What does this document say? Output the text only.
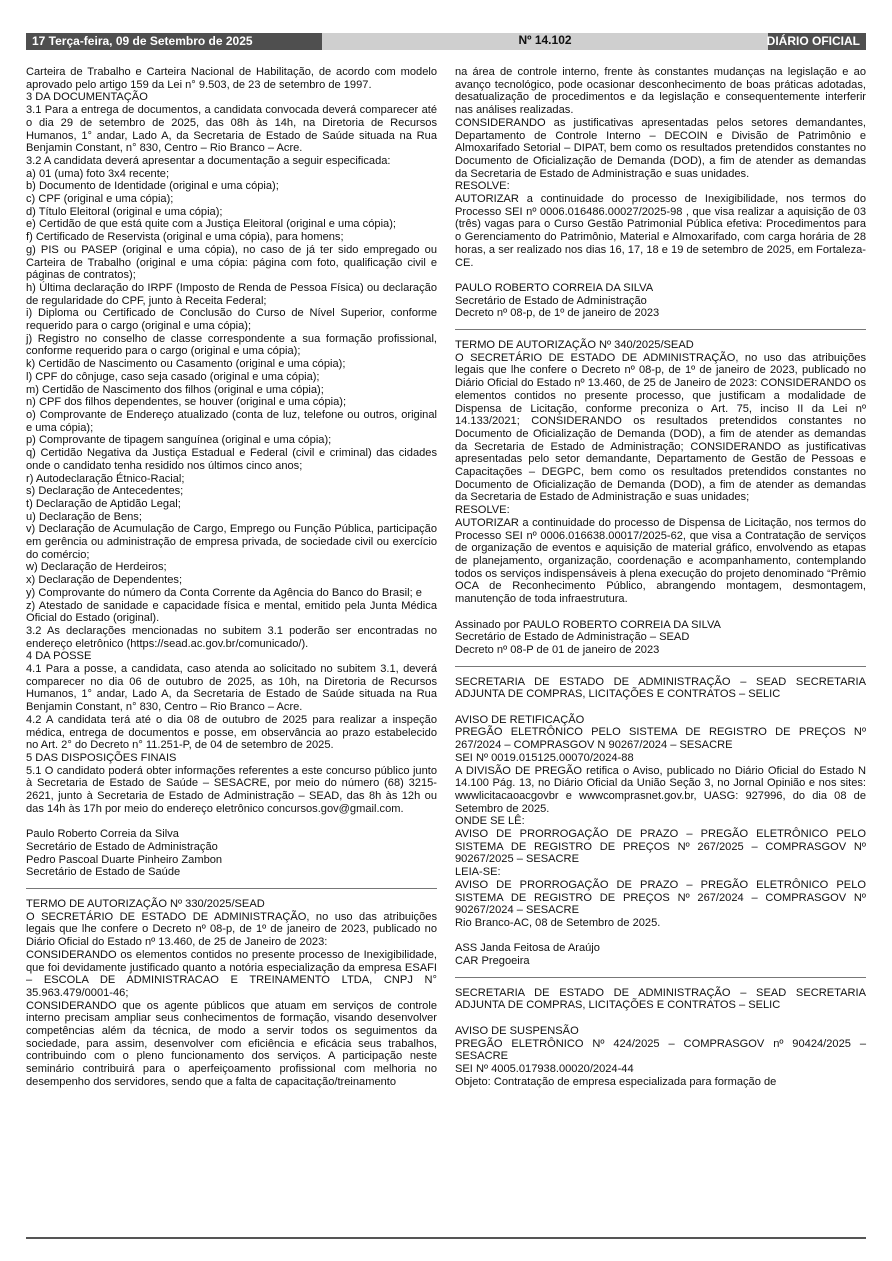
17 Terça-feira, 09 de Setembro de 2025	Nº 14.102	DIÁRIO OFICIAL

Carteira de Trabalho e Carteira Nacional de Habilitação, de acordo com modelo aprovado pelo artigo 159 da Lei n° 9.503, de 23 de setembro de 1997.

3 DA DOCUMENTAÇÃO

3.1 Para a entrega de documentos, a candidata convocada deverá comparecer até o dia 29 de setembro de 2025, das 08h às 14h, na Diretoria de Recursos Humanos, 1° andar, Lado A, da Secretaria de Estado de Saúde situada na Rua Benjamin Constant, n° 830, Centro – Rio Branco – Acre.

3.2 A candidata deverá apresentar a documentação a seguir especificada:

a) 01 (uma) foto 3x4 recente;

b) Documento de Identidade (original e uma cópia);

c) CPF (original e uma cópia);

d) Título Eleitoral (original e uma cópia);

e) Certidão de que está quite com a Justiça Eleitoral (original e uma cópia);

f) Certificado de Reservista (original e uma cópia), para homens;

g) PIS ou PASEP (original e uma cópia), no caso de já ter sido empregado ou Carteira de Trabalho (original e uma cópia: página com foto, qualificação civil e páginas de contratos);

h) Última declaração do IRPF (Imposto de Renda de Pessoa Física) ou declaração de regularidade do CPF, junto à Receita Federal;

i) Diploma ou Certificado de Conclusão do Curso de Nível Superior, conforme requerido para o cargo (original e uma cópia);

j) Registro no conselho de classe correspondente a sua formação profissional, conforme requerido para o cargo (original e uma cópia);

k) Certidão de Nascimento ou Casamento (original e uma cópia);

l) CPF do cônjuge, caso seja casado (original e uma cópia);

m) Certidão de Nascimento dos filhos (original e uma cópia);

n) CPF dos filhos dependentes, se houver (original e uma cópia);

o) Comprovante de Endereço atualizado (conta de luz, telefone ou outros, original e uma cópia);

p) Comprovante de tipagem sanguínea (original e uma cópia);

q) Certidão Negativa da Justiça Estadual e Federal (civil e criminal) das cidades onde o candidato tenha residido nos últimos cinco anos;

r) Autodeclaração Étnico-Racial;

s) Declaração de Antecedentes;

t) Declaração de Aptidão Legal;

u) Declaração de Bens;

v) Declaração de Acumulação de Cargo, Emprego ou Função Pública, participação em gerência ou administração de empresa privada, de sociedade civil ou exercício do comércio;

w) Declaração de Herdeiros;

x) Declaração de Dependentes;

y) Comprovante do número da Conta Corrente da Agência do Banco do Brasil; e

z) Atestado de sanidade e capacidade física e mental, emitido pela Junta Médica Oficial do Estado (original).

3.2 As declarações mencionadas no subitem 3.1 poderão ser encontradas no endereço eletrônico (https://sead.ac.gov.br/comunicado/).

4 DA POSSE

4.1 Para a posse, a candidata, caso atenda ao solicitado no subitem 3.1, deverá comparecer no dia 06 de outubro de 2025, as 10h, na Diretoria de Recursos Humanos, 1° andar, Lado A, da Secretaria de Estado de Saúde situada na Rua Benjamin Constant, n° 830, Centro – Rio Branco – Acre.

4.2 A candidata terá até o dia 08 de outubro de 2025 para realizar a inspeção médica, entrega de documentos e posse, em observância ao prazo estabelecido no Art. 2° do Decreto n° 11.251-P, de 04 de setembro de 2025.

5 DAS DISPOSIÇÕES FINAIS

5.1 O candidato poderá obter informações referentes a este concurso público junto à Secretaria de Estado de Saúde – SESACRE, por meio do número (68) 3215-2621, junto à Secretaria de Estado de Administração – SEAD, das 8h às 12h ou das 14h às 17h por meio do endereço eletrônico concursos.gov@gmail.com.

Paulo Roberto Correia da Silva

Secretário de Estado de Administração

Pedro Pascoal Duarte Pinheiro Zambon

Secretário de Estado de Saúde

TERMO DE AUTORIZAÇÃO Nº 330/2025/SEAD

O SECRETÁRIO DE ESTADO DE ADMINISTRAÇÃO, no uso das atribuições legais que lhe confere o Decreto nº 08-p, de 1º de janeiro de 2023, publicado no Diário Oficial do Estado nº 13.460, de 25 de Janeiro de 2023:

CONSIDERANDO os elementos contidos no presente processo de Inexigibilidade, que foi devidamente justificado quanto a notória especialização da empresa ESAFI – ESCOLA DE ADMINISTRACAO E TREINAMENTO LTDA, CNPJ N° 35.963.479/0001-46;

CONSIDERANDO que os agente públicos que atuam em serviços de controle interno precisam ampliar seus conhecimentos de formação, visando desenvolver competências além da técnica, de modo a servir todos os seguimentos da sociedade, para assim, desenvolver com eficiência e eficácia seus trabalhos, contribuindo com o pleno funcionamento dos serviços. A participação neste seminário contribuirá para o aperfeiçoamento profissional com melhoria no desempenho dos servidores, sendo que a falta de capacitação/treinamento

na área de controle interno, frente às constantes mudanças na legislação e ao avanço tecnológico, pode ocasionar desconhecimento de boas práticas adotadas, desatualização de procedimentos e da legislação e consequentemente interferir nas análises realizadas.

CONSIDERANDO as justificativas apresentadas pelos setores demandantes, Departamento de Controle Interno – DECOIN e Divisão de Patrimônio e Almoxarifado Setorial – DIPAT, bem como os resultados pretendidos constantes no Documento de Oficialização de Demanda (DOD), a fim de atender as demandas da Secretaria de Estado de Administração e suas unidades.

RESOLVE:

AUTORIZAR a continuidade do processo de Inexigibilidade, nos termos do Processo SEI nº 0006.016486.00027/2025-98 , que visa realizar a aquisição de 03 (três) vagas para o Curso Gestão Patrimonial Pública efetiva: Procedimentos para o Gerenciamento do Patrimônio, Material e Almoxarifado, com carga horária de 28 horas, a ser realizado nos dias 16, 17, 18 e 19 de setembro de 2025, em Fortaleza-CE.

PAULO ROBERTO CORREIA DA SILVA

Secretário de Estado de Administração

Decreto nº 08-p, de 1º de janeiro de 2023

TERMO DE AUTORIZAÇÃO Nº 340/2025/SEAD

O SECRETÁRIO DE ESTADO DE ADMINISTRAÇÃO, no uso das atribuições legais que lhe confere o Decreto nº 08-p, de 1º de janeiro de 2023, publicado no Diário Oficial do Estado nº 13.460, de 25 de Janeiro de 2023: CONSIDERANDO os elementos contidos no presente processo, que justificam a modalidade de Dispensa de Licitação, conforme preconiza o Art. 75, inciso II da Lei nº 14.133/2021; CONSIDERANDO os resultados pretendidos constantes no Documento de Oficialização de Demanda (DOD), a fim de atender as demandas da Secretaria de Estado de Administração; CONSIDERANDO as justificativas apresentadas pelo setor demandante, Departamento de Gestão de Pessoas e Capacitações – DEGPC, bem como os resultados pretendidos constantes no Documento de Oficialização de Demanda (DOD), a fim de atender as demandas da Secretaria de Estado de Administração e suas unidades;

RESOLVE:

AUTORIZAR a continuidade do processo de Dispensa de Licitação, nos termos do Processo SEI nº 0006.016638.00017/2025-62, que visa a Contratação de serviços de organização de eventos e aquisição de material gráfico, envolvendo as etapas de planejamento, organização, coordenação e acompanhamento, contemplando todos os serviços indispensáveis à plena execução do projeto denominado “Prêmio OCA de Reconhecimento Público, abrangendo montagem, desmontagem, manutenção de toda infraestrutura.

Assinado por PAULO ROBERTO CORREIA DA SILVA

Secretário de Estado de Administração – SEAD

Decreto nº 08-P de 01 de janeiro de 2023

SECRETARIA DE ESTADO DE ADMINISTRAÇÃO – SEAD SECRETARIA ADJUNTA DE COMPRAS, LICITAÇÕES E CONTRATOS – SELIC

AVISO DE RETIFICAÇÃO

PREGÃO ELETRÔNICO PELO SISTEMA DE REGISTRO DE PREÇOS Nº 267/2024 – COMPRASGOV N 90267/2024 – SESACRE

SEI Nº 0019.015125.00070/2024-88

A DIVISÃO DE PREGÃO retifica o Aviso, publicado no Diário Oficial do Estado N 14.100 Pág. 13, no Diário Oficial da União Seção 3, no Jornal Opinião e nos sites: wwwlicitacaoacgovbr e wwwcomprasnet.gov.br, UASG: 927996, do dia 08 de Setembro de 2025.

ONDE SE LÊ:

AVISO DE PRORROGAÇÃO DE PRAZO – PREGÃO ELETRÔNICO PELO SISTEMA DE REGISTRO DE PREÇOS Nº 267/2025 – COMPRASGOV Nº 90267/2025 – SESACRE

LEIA-SE:

AVISO DE PRORROGAÇÃO DE PRAZO – PREGÃO ELETRÔNICO PELO SISTEMA DE REGISTRO DE PREÇOS Nº 267/2024 – COMPRASGOV Nº 90267/2024 – SESACRE

Rio Branco-AC, 08 de Setembro de 2025.

ASS Janda Feitosa de Araújo

CAR Pregoeira

SECRETARIA DE ESTADO DE ADMINISTRAÇÃO – SEAD SECRETARIA ADJUNTA DE COMPRAS, LICITAÇÕES E CONTRATOS – SELIC

AVISO DE SUSPENSÃO

PREGÃO ELETRÔNICO Nº 424/2025 – COMPRASGOV nº 90424/2025 – SESACRE

SEI Nº 4005.017938.00020/2024-44

Objeto: Contratação de empresa especializada para formação de
